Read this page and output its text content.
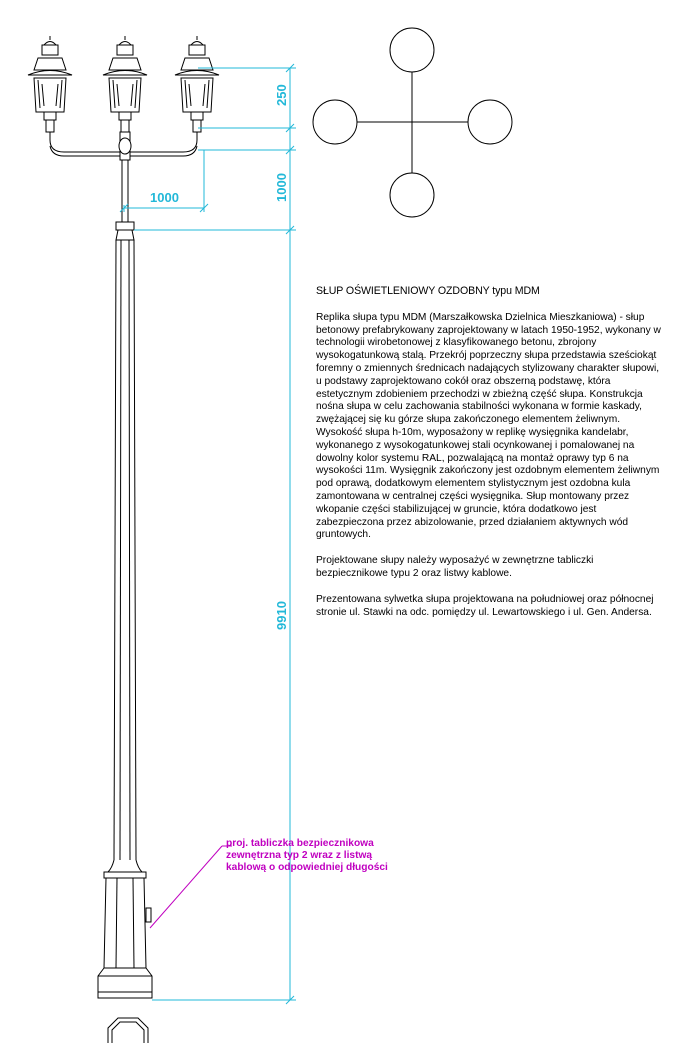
250
1000
1000
9910
SŁUP OŚWIETLENIOWY OZDOBNY typu MDM

Replika słupa typu MDM (Marszałkowska Dzielnica Mieszkaniowa) - słup betonowy prefabrykowany zaprojektowany w latach 1950-1952, wykonany w technologii wirobetonowej z klasyfikowanego betonu, zbrojony wysokogatunkową stalą. Przekrój poprzeczny słupa przedstawia sześciokąt foremny o zmiennych średnicach nadających stylizowany charakter słupowi, u podstawy zaprojektowano cokół oraz obszerną podstawę, która estetycznym zdobieniem przechodzi w zbieżną część słupa. Konstrukcja nośna słupa w celu zachowania stabilności wykonana w formie kaskady, zwężającej się ku górze słupa zakończonego elementem żeliwnym. Wysokość słupa h-10m, wyposażony w replikę wysięgnika kandelabr, wykonanego z wysokogatunkowej stali ocynkowanej i pomalowanej na dowolny kolor systemu RAL, pozwalającą na montaż oprawy typ 6 na wysokości 11m. Wysięgnik zakończony jest ozdobnym elementem żeliwnym pod oprawą, dodatkowym elementem stylistycznym jest ozdobna kula zamontowana w centralnej części wysięgnika. Słup montowany przez wkopanie części stabilizującej w gruncie, która dodatkowo jest zabezpieczona przez abizolowanie, przed działaniem aktywnych wód gruntowych.

Projektowane słupy należy wyposażyć w zewnętrzne tabliczki bezpiecznikowe typu 2 oraz listwy kablowe.

Prezentowana sylwetka słupa projektowana na południowej oraz północnej stronie ul. Stawki na odc. pomiędzy ul. Lewartowskiego i ul. Gen. Andersa.

proj. tabliczka bezpiecznikowa zewnętrzna typ 2 wraz z listwą kablową o odpowiedniej długości
